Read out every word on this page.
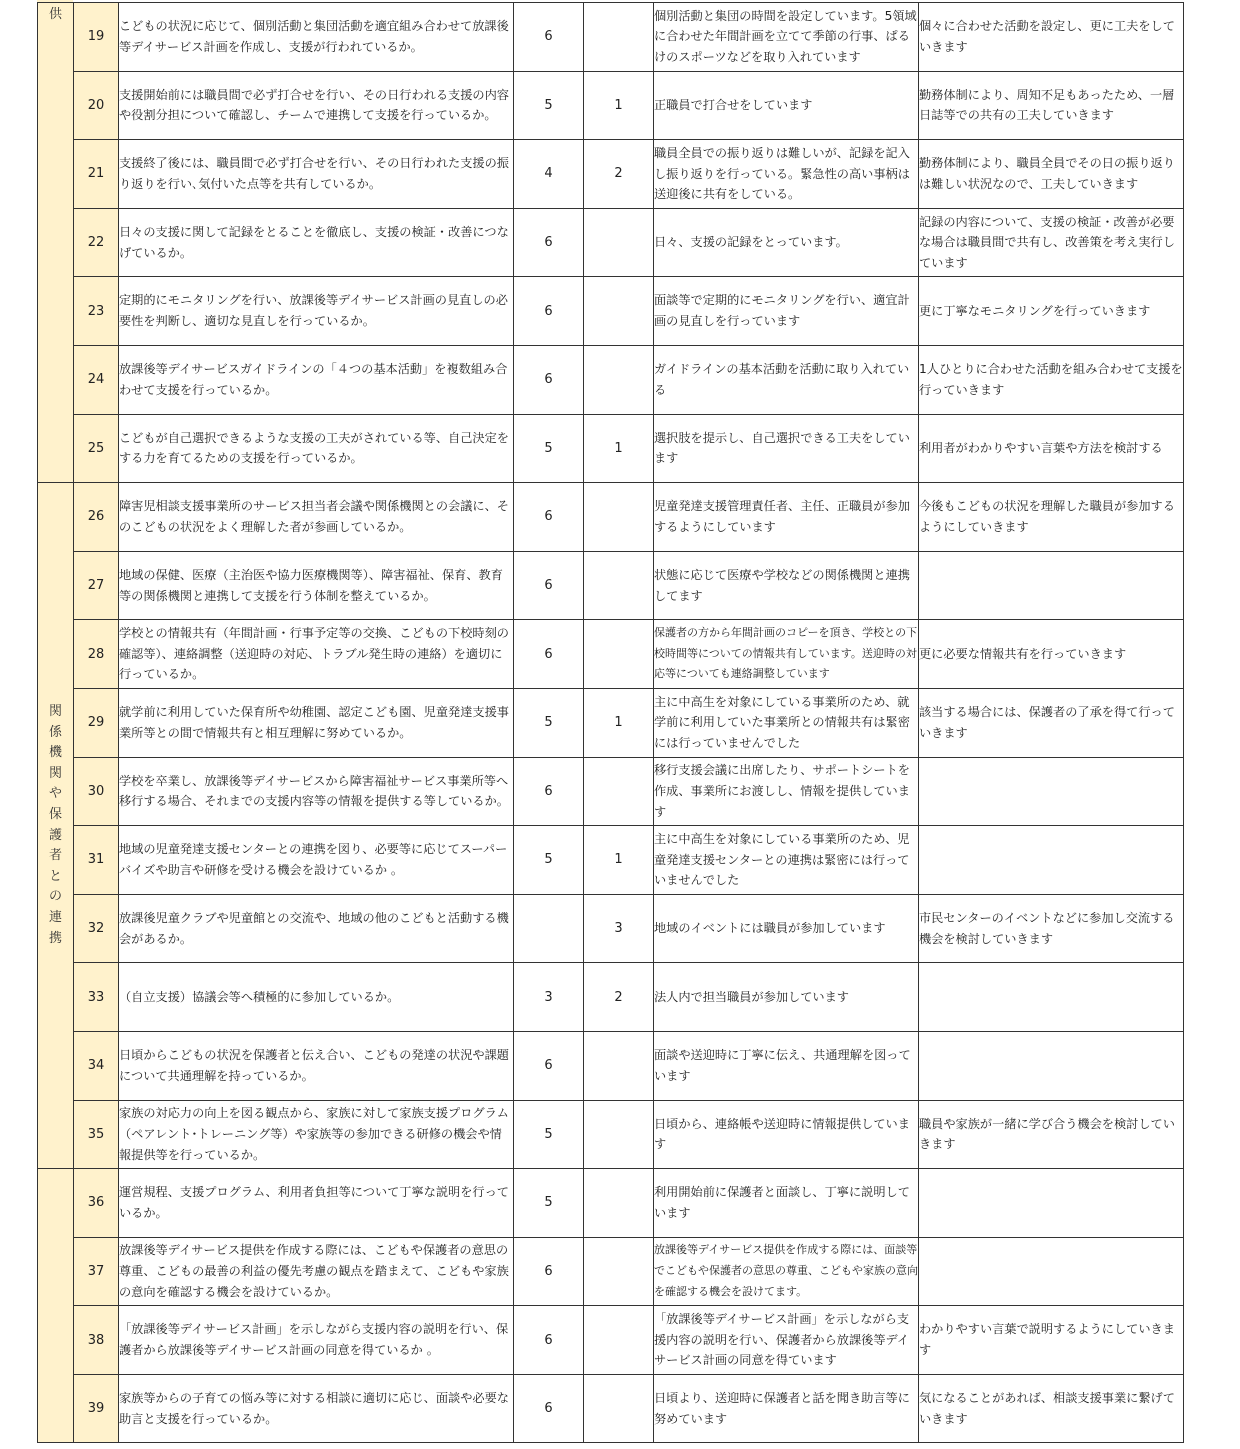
供	19	こどもの状況に応じて、個別活動と集団活動を適宜組み合わせて放課後等デイサービス計画を作成し、支援が行われているか。	6		個別活動と集団の時間を設定しています。5領域に合わせた年間計画を立てて季節の行事、ぱるけのスポーツなどを取り入れています	個々に合わせた活動を設定し、更に工夫をしていきます
	20	支援開始前には職員間で必ず打合せを行い、その日行われる支援の内容や役割分担について確認し、チームで連携して支援を行っているか。	5	1	正職員で打合せをしています	勤務体制により、周知不足もあったため、一層日誌等での共有の工夫していきます
	21	支援終了後には、職員間で必ず打合せを行い、その日行われた支援の振り返りを行い､気付いた点等を共有しているか。	4	2	職員全員での振り返りは難しいが、記録を記入し振り返りを行っている。緊急性の高い事柄は送迎後に共有をしている。	勤務体制により、職員全員でその日の振り返りは難しい状況なので、工夫していきます
	22	日々の支援に関して記録をとることを徹底し、支援の検証・改善につなげているか。	6		日々、支援の記録をとっています。	記録の内容について、支援の検証・改善が必要な場合は職員間で共有し、改善策を考え実行しています
	23	定期的にモニタリングを行い、放課後等デイサービス計画の見直しの必要性を判断し、適切な見直しを行っているか。	6		面談等で定期的にモニタリングを行い、適宜計画の見直しを行っています	更に丁寧なモニタリングを行っていきます
	24	放課後等デイサービスガイドラインの「４つの基本活動」を複数組み合わせて支援を行っているか。	6		ガイドラインの基本活動を活動に取り入れている	1人ひとりに合わせた活動を組み合わせて支援を行っていきます
	25	こどもが自己選択できるような支援の工夫がされている等、自己決定をする力を育てるための支援を行っているか。	5	1	選択肢を提示し、自己選択できる工夫をしています	利用者がわかりやすい言葉や方法を検討する
関係機関や保護者との連携	26	障害児相談支援事業所のサービス担当者会議や関係機関との会議に、そのこどもの状況をよく理解した者が参画しているか。	6		児童発達支援管理責任者、主任、正職員が参加するようにしています	今後もこどもの状況を理解した職員が参加するようにしていきます
	27	地域の保健、医療（主治医や協力医療機関等）、障害福祉、保育、教育等の関係機関と連携して支援を行う体制を整えているか。	6		状態に応じて医療や学校などの関係機関と連携してます	
	28	学校との情報共有（年間計画・行事予定等の交換、こどもの下校時刻の確認等）、連絡調整（送迎時の対応、トラブル発生時の連絡）を適切に行っているか。	6		保護者の方から年間計画のコピーを頂き、学校との下校時間等についての情報共有しています。送迎時の対応等についても連絡調整しています	更に必要な情報共有を行っていきます
	29	就学前に利用していた保育所や幼稚園、認定こども園、児童発達支援事業所等との間で情報共有と相互理解に努めているか。	5	1	主に中高生を対象にしている事業所のため、就学前に利用していた事業所との情報共有は緊密には行っていませんでした	該当する場合には、保護者の了承を得て行っていきます
	30	学校を卒業し、放課後等デイサービスから障害福祉サービス事業所等へ移行する場合、それまでの支援内容等の情報を提供する等しているか。	6		移行支援会議に出席したり、サポートシートを作成、事業所にお渡しし、情報を提供しています	
	31	地域の児童発達支援センターとの連携を図り、必要等に応じてスーパーバイズや助言や研修を受ける機会を設けているか 。	5	1	主に中高生を対象にしている事業所のため、児童発達支援センターとの連携は緊密には行っていませんでした	
	32	放課後児童クラブや児童館との交流や、地域の他のこどもと活動する機会があるか。		3	地域のイベントには職員が参加しています	市民センターのイベントなどに参加し交流する機会を検討していきます
	33	（自立支援）協議会等へ積極的に参加しているか。	3	2	法人内で担当職員が参加しています	
	34	日頃からこどもの状況を保護者と伝え合い、こどもの発達の状況や課題について共通理解を持っているか。	6		面談や送迎時に丁寧に伝え、共通理解を図っています	
	35	家族の対応力の向上を図る観点から、家族に対して家族支援プログラム（ペアレント･トレーニング等）や家族等の参加できる研修の機会や情報提供等を行っているか。	5		日頃から、連絡帳や送迎時に情報提供しています	職員や家族が一緒に学び合う機会を検討していきます
	36	運営規程、支援プログラム、利用者負担等について丁寧な説明を行っているか。	5		利用開始前に保護者と面談し、丁寧に説明しています	
	37	放課後等デイサービス提供を作成する際には、こどもや保護者の意思の尊重、こどもの最善の利益の優先考慮の観点を踏まえて、こどもや家族の意向を確認する機会を設けているか。	6		放課後等デイサービス提供を作成する際には、面談等でこどもや保護者の意思の尊重、こどもや家族の意向を確認する機会を設けてます。	
	38	「放課後等デイサービス計画」を示しながら支援内容の説明を行い、保護者から放課後等デイサービス計画の同意を得ているか 。	6		「放課後等デイサービス計画」を示しながら支援内容の説明を行い、保護者から放課後等デイサービス計画の同意を得ています	わかりやすい言葉で説明するようにしていきます
	39	家族等からの子育ての悩み等に対する相談に適切に応じ、面談や必要な助言と支援を行っているか。	6		日頃より、送迎時に保護者と話を聞き助言等に努めています	気になることがあれば、相談支援事業に繋げていきます
